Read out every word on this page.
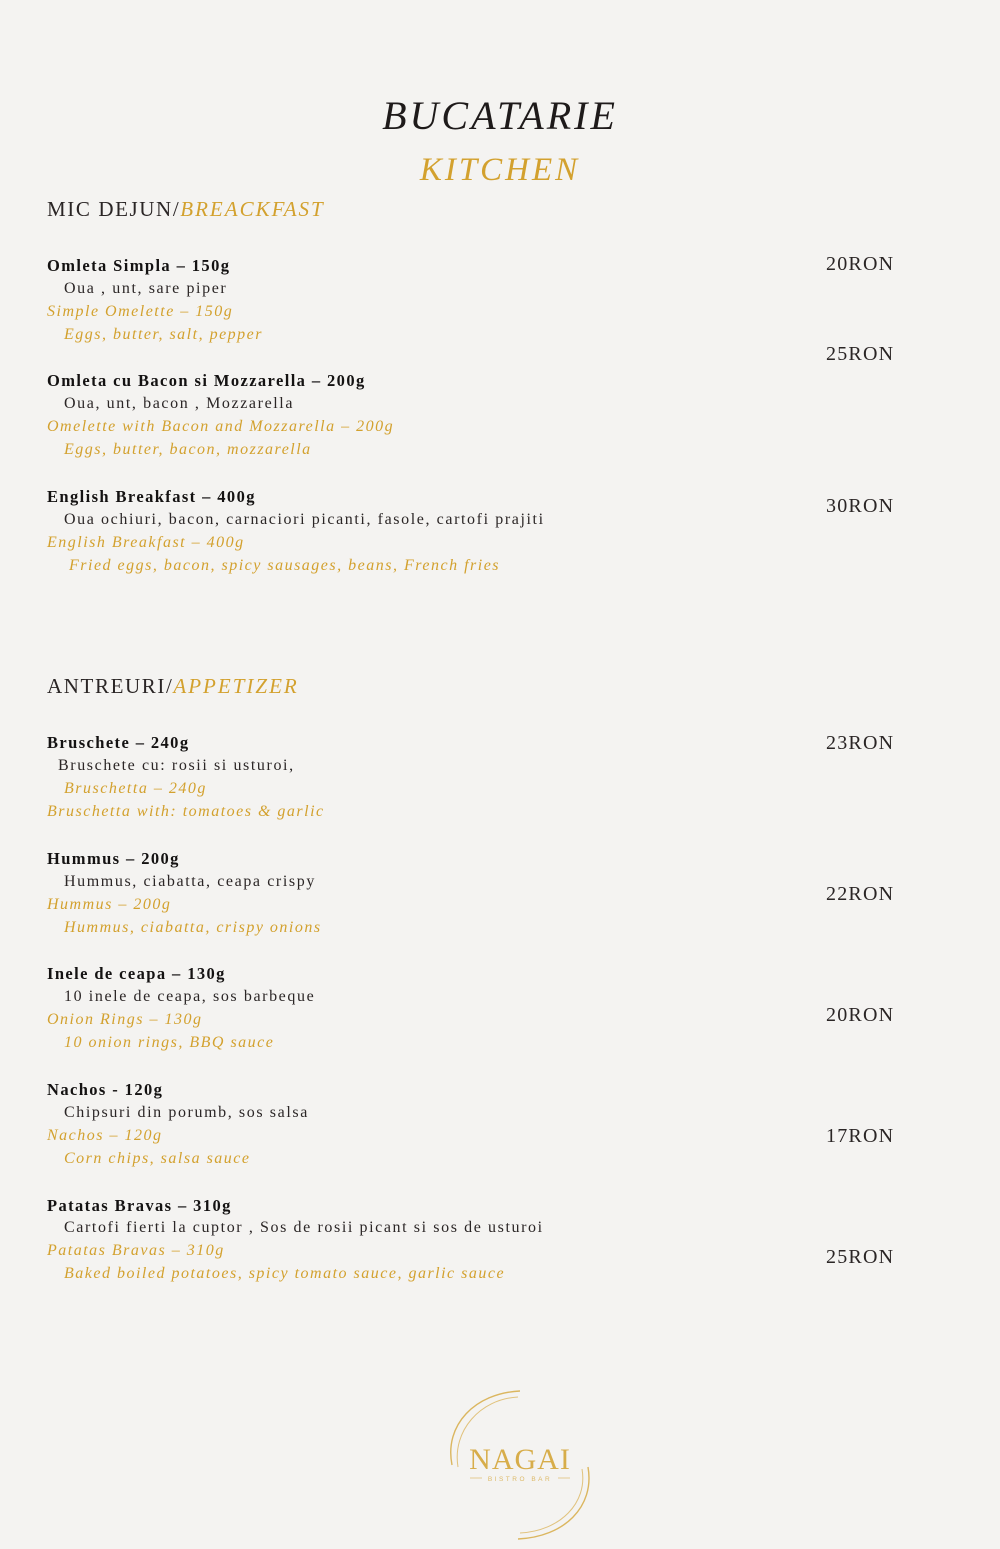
BUCATARIE
KITCHEN
MIC DEJUN/BREACKFAST
Omleta Simpla – 150g
Oua , unt, sare piper
Simple Omelette – 150g
Eggs, butter, salt, pepper
20RON
Omleta cu Bacon si Mozzarella – 200g
Oua, unt, bacon , Mozzarella
Omelette with Bacon and Mozzarella – 200g
Eggs, butter, bacon, mozzarella
25RON
English Breakfast – 400g
Oua ochiuri, bacon, carnaciori picanti, fasole, cartofi prajiti
English Breakfast – 400g
Fried eggs, bacon, spicy sausages, beans, French fries
30RON
ANTREURI/APPETIZER
Bruschete – 240g
Bruschete cu: rosii si usturoi,
Bruschetta – 240g
Bruschetta with: tomatoes & garlic
23RON
Hummus – 200g
Hummus, ciabatta, ceapa crispy
Hummus – 200g
Hummus, ciabatta, crispy onions
22RON
Inele de ceapa – 130g
10 inele de ceapa, sos barbeque
Onion Rings – 130g
10 onion rings, BBQ sauce
20RON
Nachos - 120g
Chipsuri din porumb, sos salsa
Nachos – 120g
Corn chips, salsa sauce
17RON
Patatas Bravas – 310g
Cartofi fierti la cuptor , Sos de rosii picant si sos de usturoi
Patatas Bravas – 310g
Baked boiled potatoes, spicy tomato sauce, garlic sauce
25RON
NAGAI
BISTRO BAR
